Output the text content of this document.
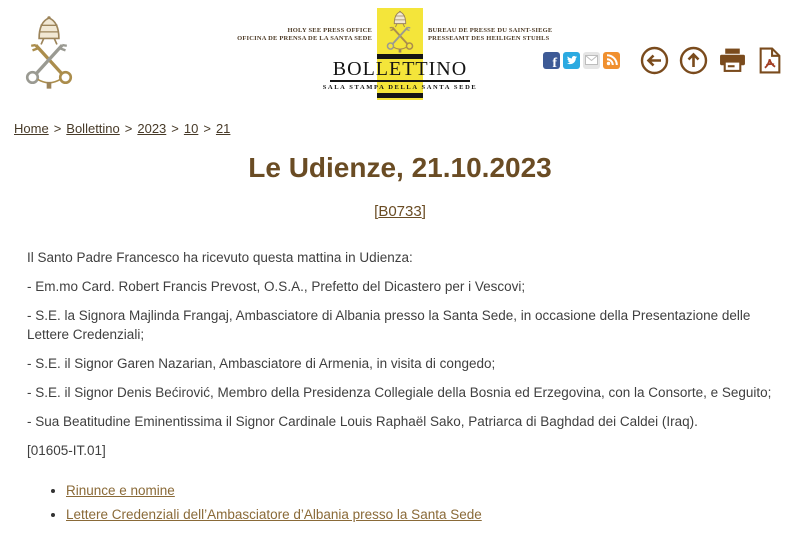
HOLY SEE PRESS OFFICE
OFICINA DE PRENSA DE LA SANTA SEDE
BUREAU DE PRESSE DU SAINT-SIEGE
PRESSEAMT DES HEILIGEN STUHLS
BOLLETTINO
SALA STAMPA DELLA SANTA SEDE
f
Home > Bollettino > 2023 > 10 > 21
Le Udienze, 21.10.2023
[B0733]

Il Santo Padre Francesco ha ricevuto questa mattina in Udienza:

- Em.mo Card. Robert Francis Prevost, O.S.A., Prefetto del Dicastero per i Vescovi;

- S.E. la Signora Majlinda Frangaj, Ambasciatore di Albania presso la Santa Sede, in occasione della Presentazione delle Lettere Credenziali;

- S.E. il Signor Garen Nazarian, Ambasciatore di Armenia, in visita di congedo;

- S.E. il Signor Denis Bećirović, Membro della Presidenza Collegiale della Bosnia ed Erzegovina, con la Consorte, e Seguito;

- Sua Beatitudine Eminentissima il Signor Cardinale Louis Raphaël Sako, Patriarca di Baghdad dei Caldei (Iraq).

[01605-IT.01]

• Rinunce e nomine
• Lettere Credenziali dell’Ambasciatore d’Albania presso la Santa Sede
